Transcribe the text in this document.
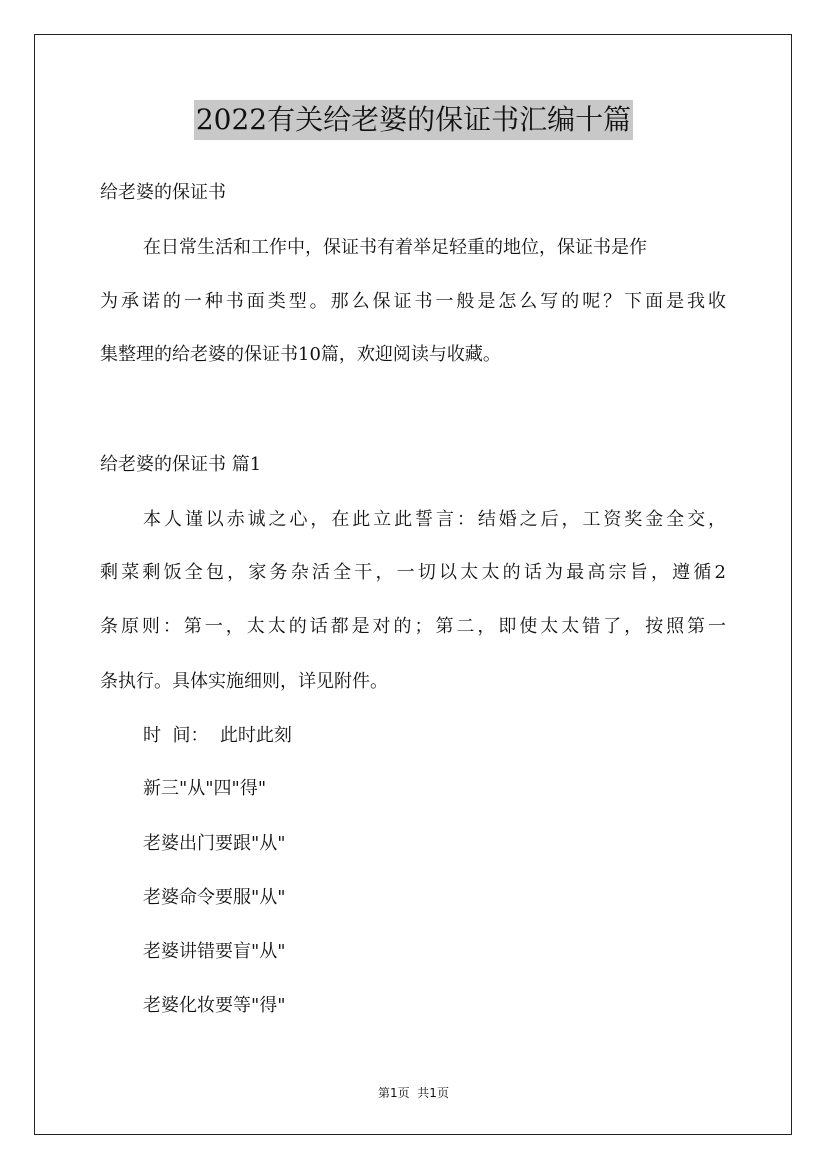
2022有关给老婆的保证书汇编十篇
给老婆的保证书
在日常生活和工作中，保证书有着举足轻重的地位，保证书是作
为承诺的一种书面类型。那么保证书一般是怎么写的呢？下面是我收
集整理的给老婆的保证书10篇，欢迎阅读与收藏。
给老婆的保证书 篇1
本人谨以赤诚之心，在此立此誓言：结婚之后，工资奖金全交，
剩菜剩饭全包，家务杂活全干，一切以太太的话为最高宗旨，遵循2
条原则：第一，太太的话都是对的；第二，即使太太错了，按照第一
条执行。具体实施细则，详见附件。
时  间：  此时此刻
新三"从"四"得"
老婆出门要跟"从"
老婆命令要服"从"
老婆讲错要盲"从"
老婆化妆要等"得"
第1页  共1页
